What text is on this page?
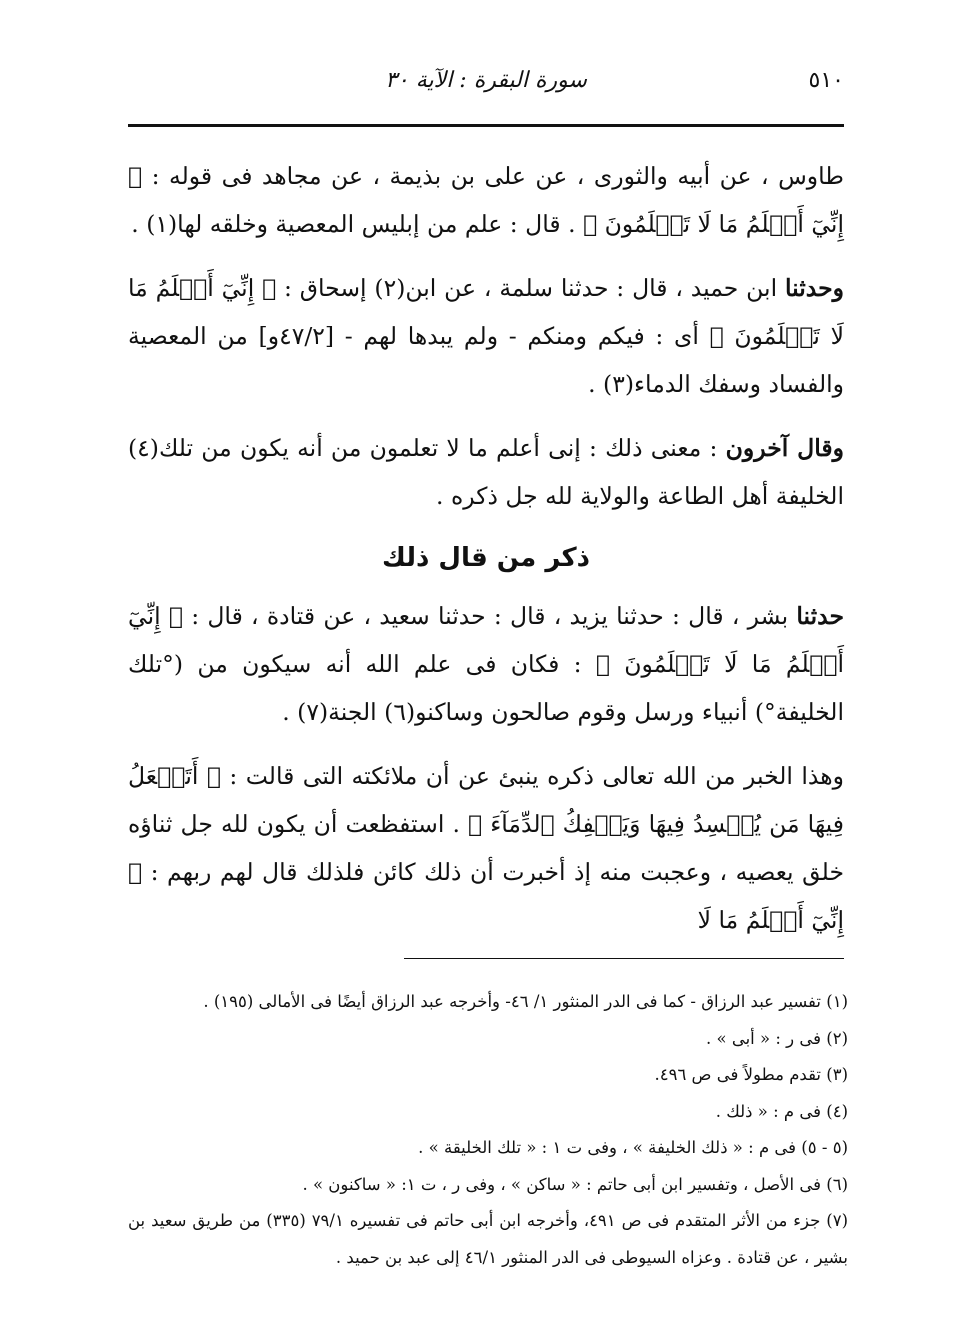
سورة البقرة : الآية ٣٠	٥١٠

طاوس ، عن أبيه والثورى ، عن على بن بذيمة ، عن مجاهد فى قوله : ﴿ إِنِّيٓ أَعۡلَمُ مَا لَا تَعۡلَمُونَ ﴾ . قال : علم من إبليس المعصية وخلقه لها(١) .

وحدثنا ابن حميد ، قال : حدثنا سلمة ، عن ابن(٢) إسحاق : ﴿ إِنِّيٓ أَعۡلَمُ مَا لَا تَعۡلَمُونَ ﴾ أى : فيكم ومنكم - ولم يبدها لهم - [٤٧/٢و] من المعصية والفساد وسفك الدماء(٣) .

وقال آخرون : معنى ذلك : إنى أعلم ما لا تعلمون من أنه يكون من تلك(٤) الخليفة أهل الطاعة والولاية لله جل ذكره .

ذكر من قال ذلك

حدثنا بشر ، قال : حدثنا يزيد ، قال : حدثنا سعيد ، عن قتادة ، قال : ﴿ إِنِّيٓ أَعۡلَمُ مَا لَا تَعۡلَمُونَ ﴾ : فكان فى علم الله أنه سيكون من (°تلك الخليفة°) أنبياء ورسل وقوم صالحون وساكنو(٦) الجنة(٧) .

وهذا الخبر من الله تعالى ذكره ينبئ عن أن ملائكته التى قالت : ﴿ أَتَجۡعَلُ فِيهَا مَن يُفۡسِدُ فِيهَا وَيَسۡفِكُ ٱلدِّمَآءَ ﴾ . استفظعت أن يكون لله جل ثناؤه خلق يعصيه ، وعجبت منه إذ أخبرت أن ذلك كائن فلذلك قال لهم ربهم : ﴿ إِنِّيٓ أَعۡلَمُ مَا لَا

(١) تفسير عبد الرزاق - كما فى الدر المنثور ١/ ٤٦- وأخرجه عبد الرزاق أيضًا فى الأمالى (١٩٥) .

(٢) فى ر : « أبى » .

(٣) تقدم مطولاً فى ص ٤٩٦.

(٤) فى م : « ذلك .

(٥ - ٥) فى م : « ذلك الخليفة » ، وفى ت ١ : « تلك الخليقة » .

(٦) فى الأصل ، وتفسير ابن أبى حاتم : « ساكن » ، وفى ر ، ت ١: « ساكنون » .

(٧) جزء من الأثر المتقدم فى ص ٤٩١، وأخرجه ابن أبى حاتم فى تفسيره ٧٩/١ (٣٣٥) من طريق سعيد بن بشير ، عن قتادة . وعزاه السيوطى فى الدر المنثور ٤٦/١ إلى عبد بن حميد .
